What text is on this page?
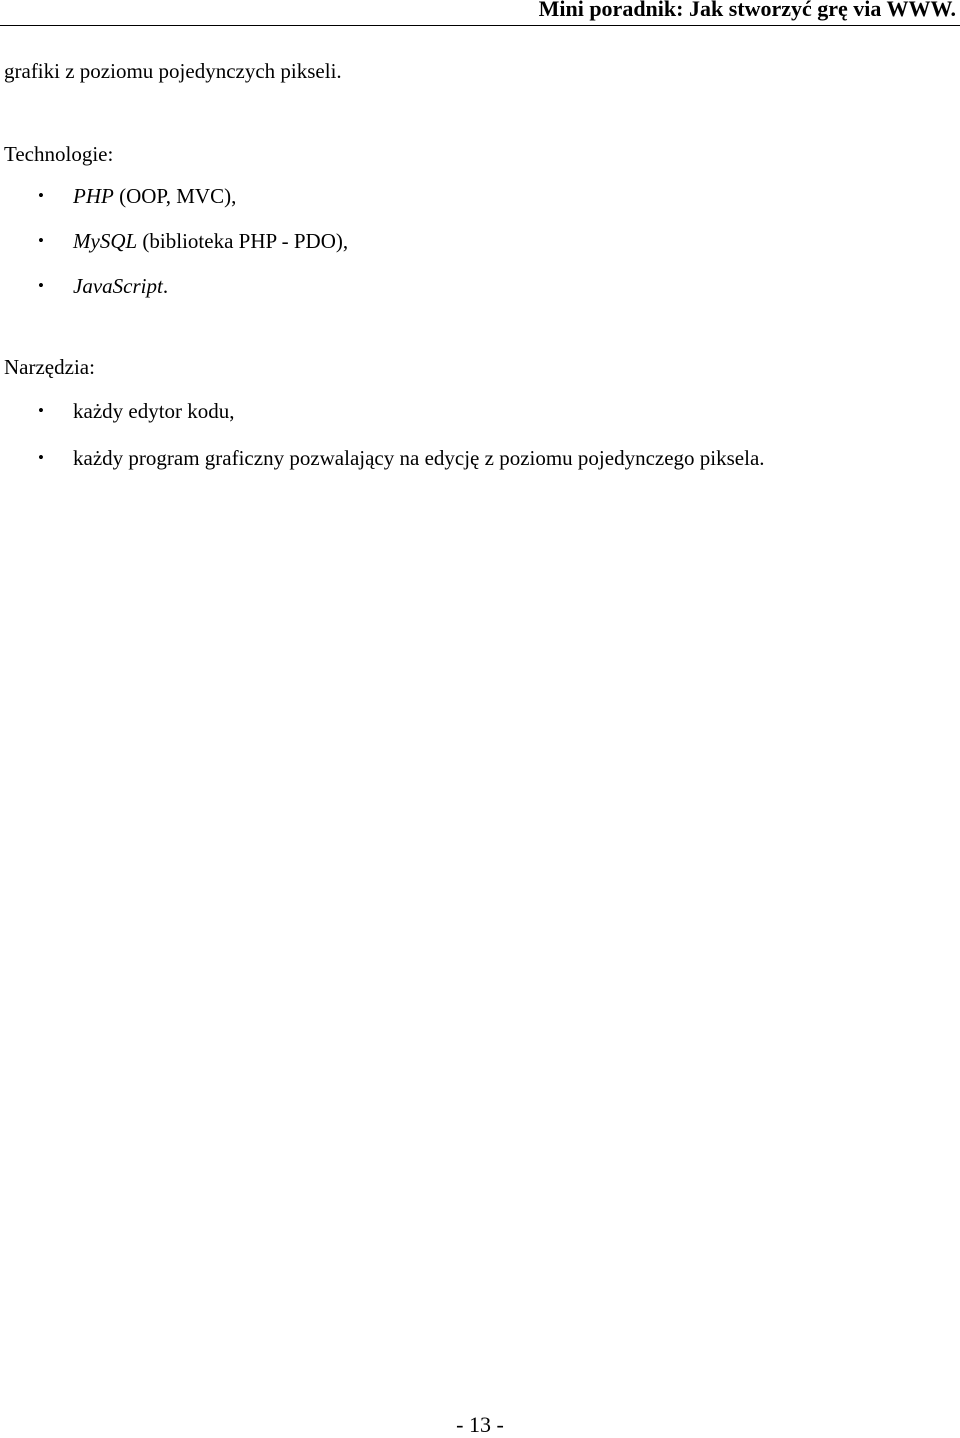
Mini poradnik: Jak stworzyć grę via WWW.
grafiki z poziomu pojedynczych pikseli.
Technologie:
• PHP (OOP, MVC),
• MySQL (biblioteka PHP - PDO),
• JavaScript.
Narzędzia:
• każdy edytor kodu,
• każdy program graficzny pozwalający na edycję z poziomu pojedynczego piksela.
- 13 -
